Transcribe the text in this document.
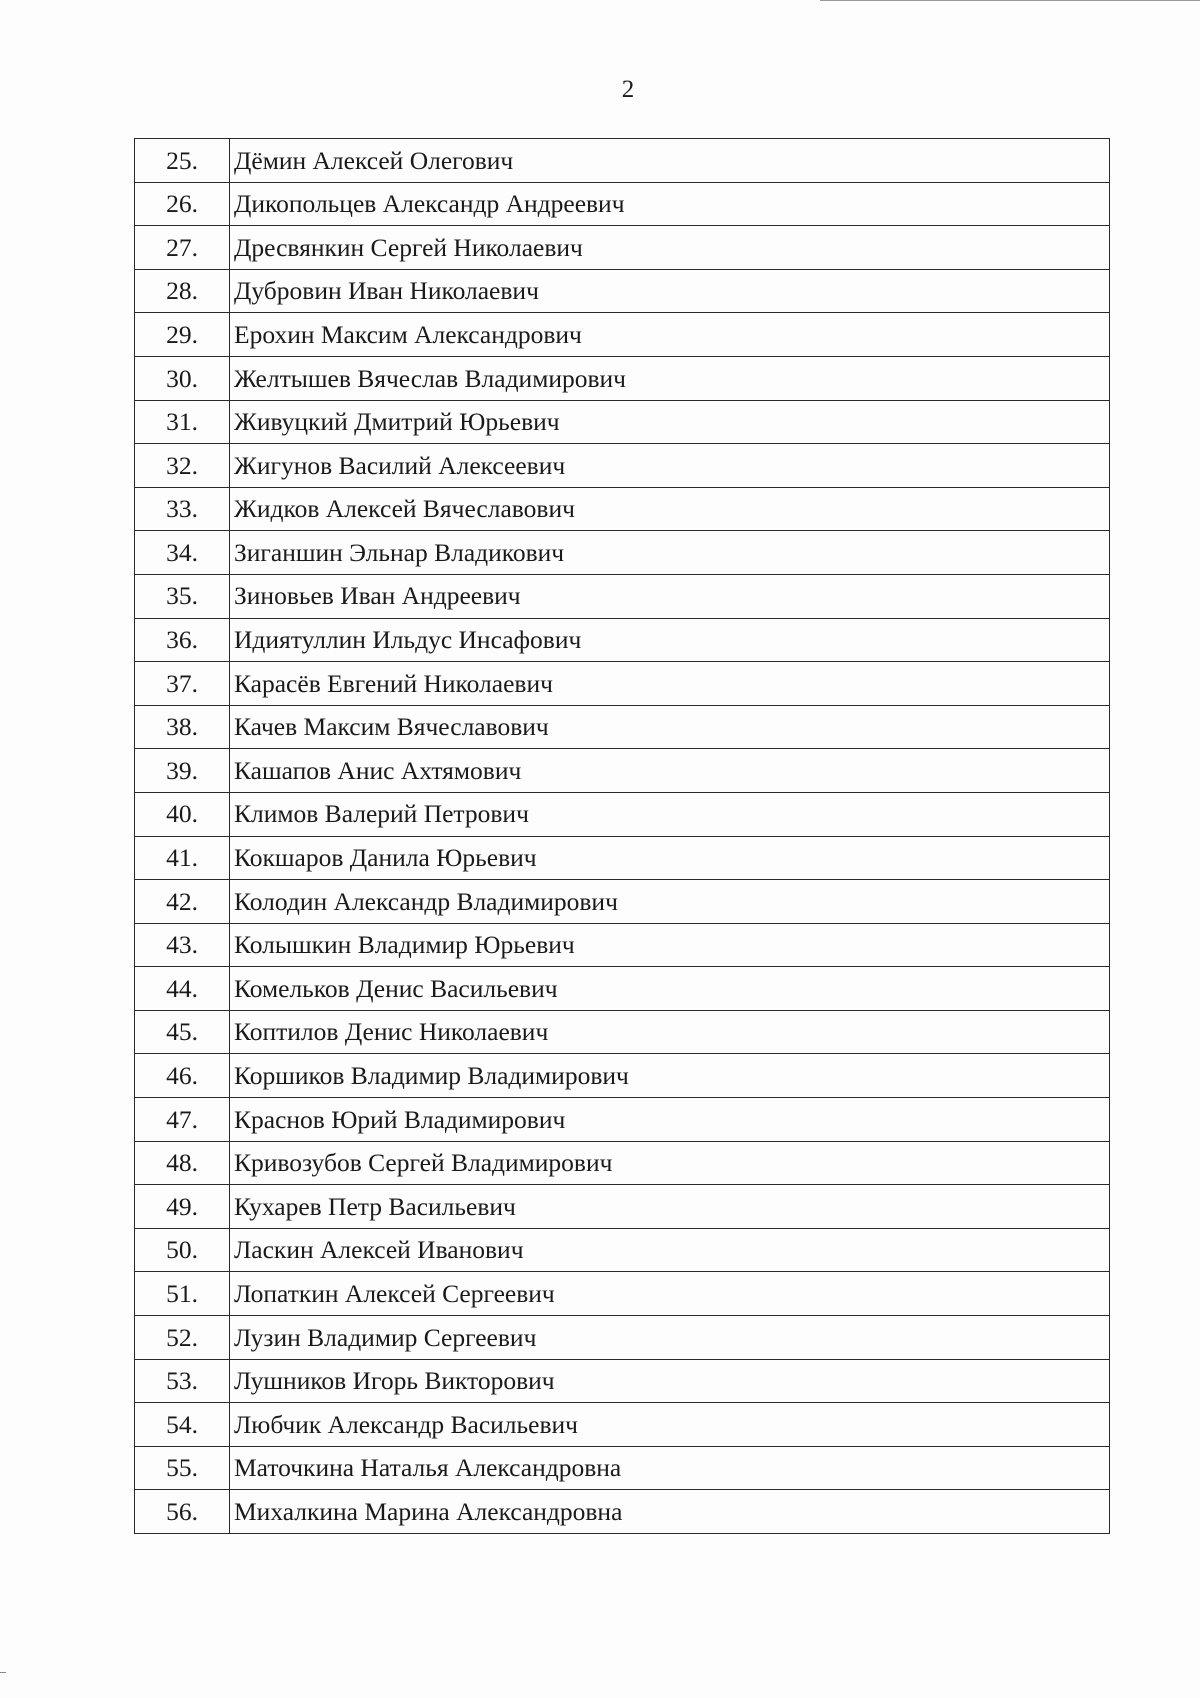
2
25.	Дёмин Алексей Олегович
26.	Дикопольцев Александр Андреевич
27.	Дресвянкин Сергей Николаевич
28.	Дубровин Иван Николаевич
29.	Ерохин Максим Александрович
30.	Желтышев Вячеслав Владимирович
31.	Живуцкий Дмитрий Юрьевич
32.	Жигунов Василий Алексеевич
33.	Жидков Алексей Вячеславович
34.	Зиганшин Эльнар Владикович
35.	Зиновьев Иван Андреевич
36.	Идиятуллин Ильдус Инсафович
37.	Карасёв Евгений Николаевич
38.	Качев Максим Вячеславович
39.	Кашапов Анис Ахтямович
40.	Климов Валерий Петрович
41.	Кокшаров Данила Юрьевич
42.	Колодин Александр Владимирович
43.	Колышкин Владимир Юрьевич
44.	Комельков Денис Васильевич
45.	Коптилов Денис Николаевич
46.	Коршиков Владимир Владимирович
47.	Краснов Юрий Владимирович
48.	Кривозубов Сергей Владимирович
49.	Кухарев Петр Васильевич
50.	Ласкин Алексей Иванович
51.	Лопаткин Алексей Сергеевич
52.	Лузин Владимир Сергеевич
53.	Лушников Игорь Викторович
54.	Любчик Александр Васильевич
55.	Маточкина Наталья Александровна
56.	Михалкина Марина Александровна
